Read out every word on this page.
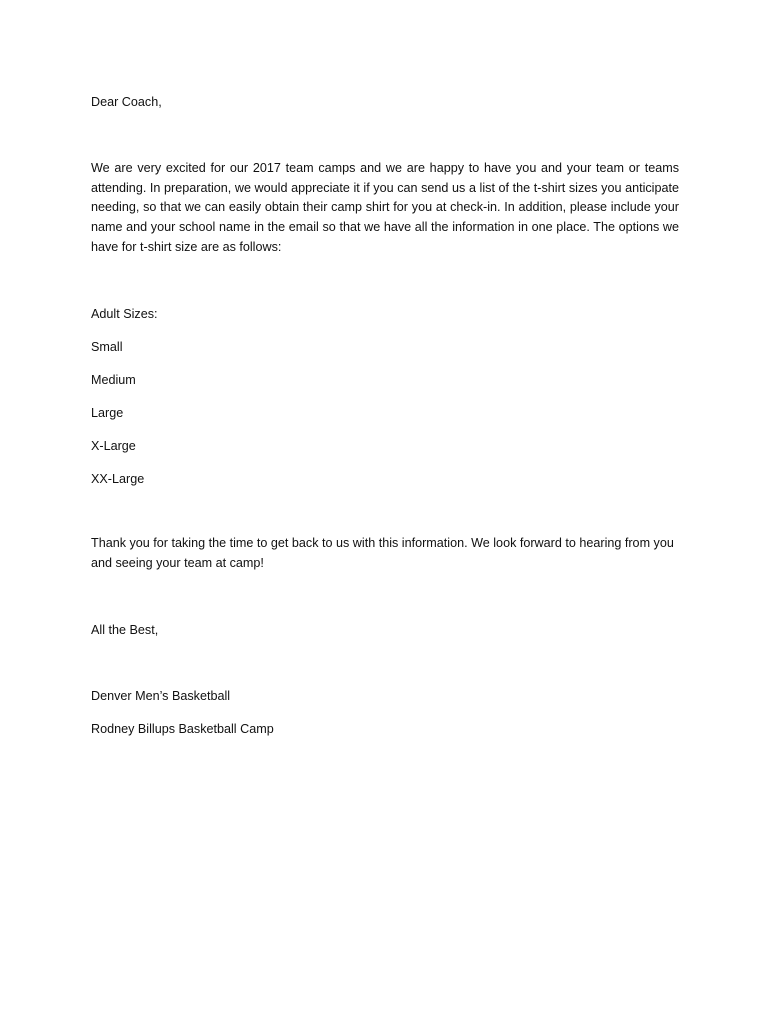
Dear Coach,
We are very excited for our 2017 team camps and we are happy to have you and your team or teams attending. In preparation, we would appreciate it if you can send us a list of the t-shirt sizes you anticipate needing, so that we can easily obtain their camp shirt for you at check-in. In addition, please include your name and your school name in the email so that we have all the information in one place. The options we have for t-shirt size are as follows:
Adult Sizes:
Small
Medium
Large
X-Large
XX-Large
Thank you for taking the time to get back to us with this information. We look forward to hearing from you and seeing your team at camp!
All the Best,
Denver Men’s Basketball
Rodney Billups Basketball Camp
